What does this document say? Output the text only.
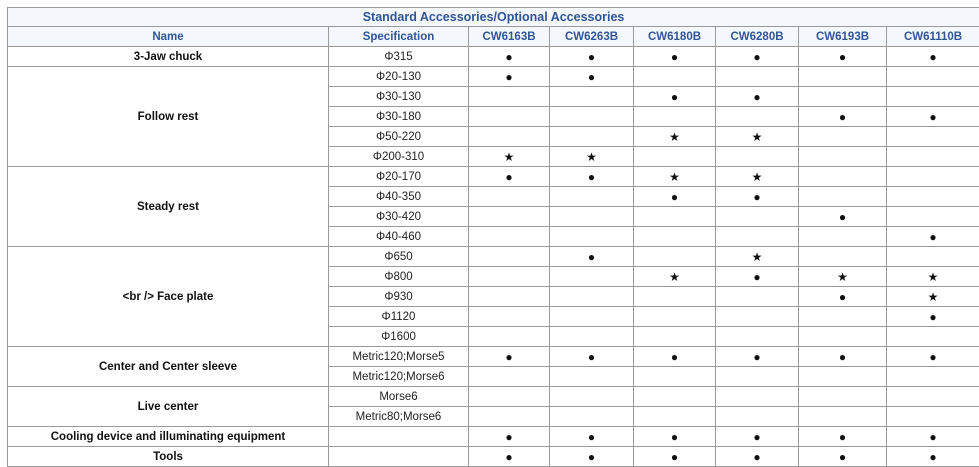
Standard Accessories/Optional Accessories							
Name	Specification	CW6163B	CW6263B	CW6180B	CW6280B	CW6193B	CW61110B
3-Jaw chuck	Φ315	●	●	●	●	●	●
Follow rest	Φ20-130	●	●				
	Φ30-130			●	●		
	Φ30-180					●	●
	Φ50-220			★	★		
	Φ200-310	★	★				
Steady rest	Φ20-170	●	●	★	★		
	Φ40-350			●	●		
	Φ30-420					●	
	Φ40-460						●
<br /> Face plate	Φ650		●		★		
	Φ800			★	●	★	★
	Φ930					●	★
	Φ1120						●
	Φ1600						
Center and Center sleeve	Metric120;Morse5	●	●	●	●	●	●
	Metric120;Morse6						
Live center	Morse6						
	Metric80;Morse6						
Cooling device and illuminating equipment		●	●	●	●	●	●
Tools		●	●	●	●	●	●
